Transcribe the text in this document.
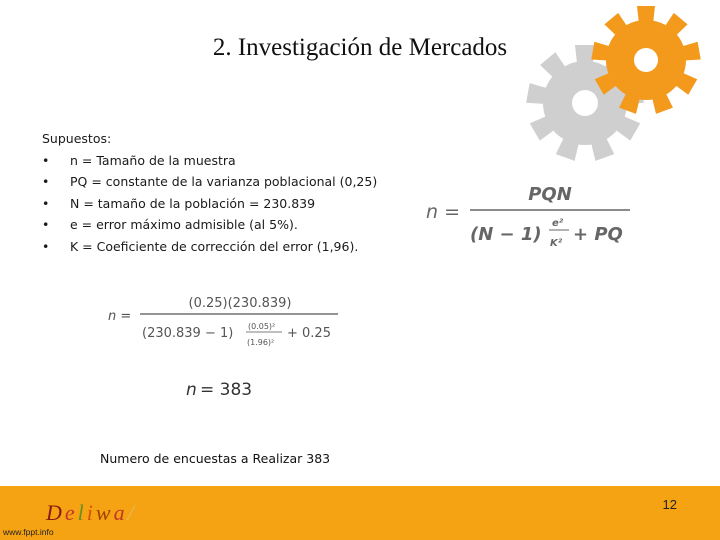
2. Investigación de Mercados
Supuestos:
• n = Tamaño de la muestra
• PQ = constante de la varianza poblacional (0,25)
• N = tamaño de la población = 230.839
• e = error máximo admisible (al 5%).
• K = Coeficiente de corrección del error (1,96).
n =
PQN
(N − 1)
e²
K² + PQ
n =
(0.25)(230.839)
(230.839 − 1) (0.05)²
(1.96)²
+ 0.25
n = 383
Numero de encuestas a Realizar 383
Deliwa/	12
www.fppt.info
